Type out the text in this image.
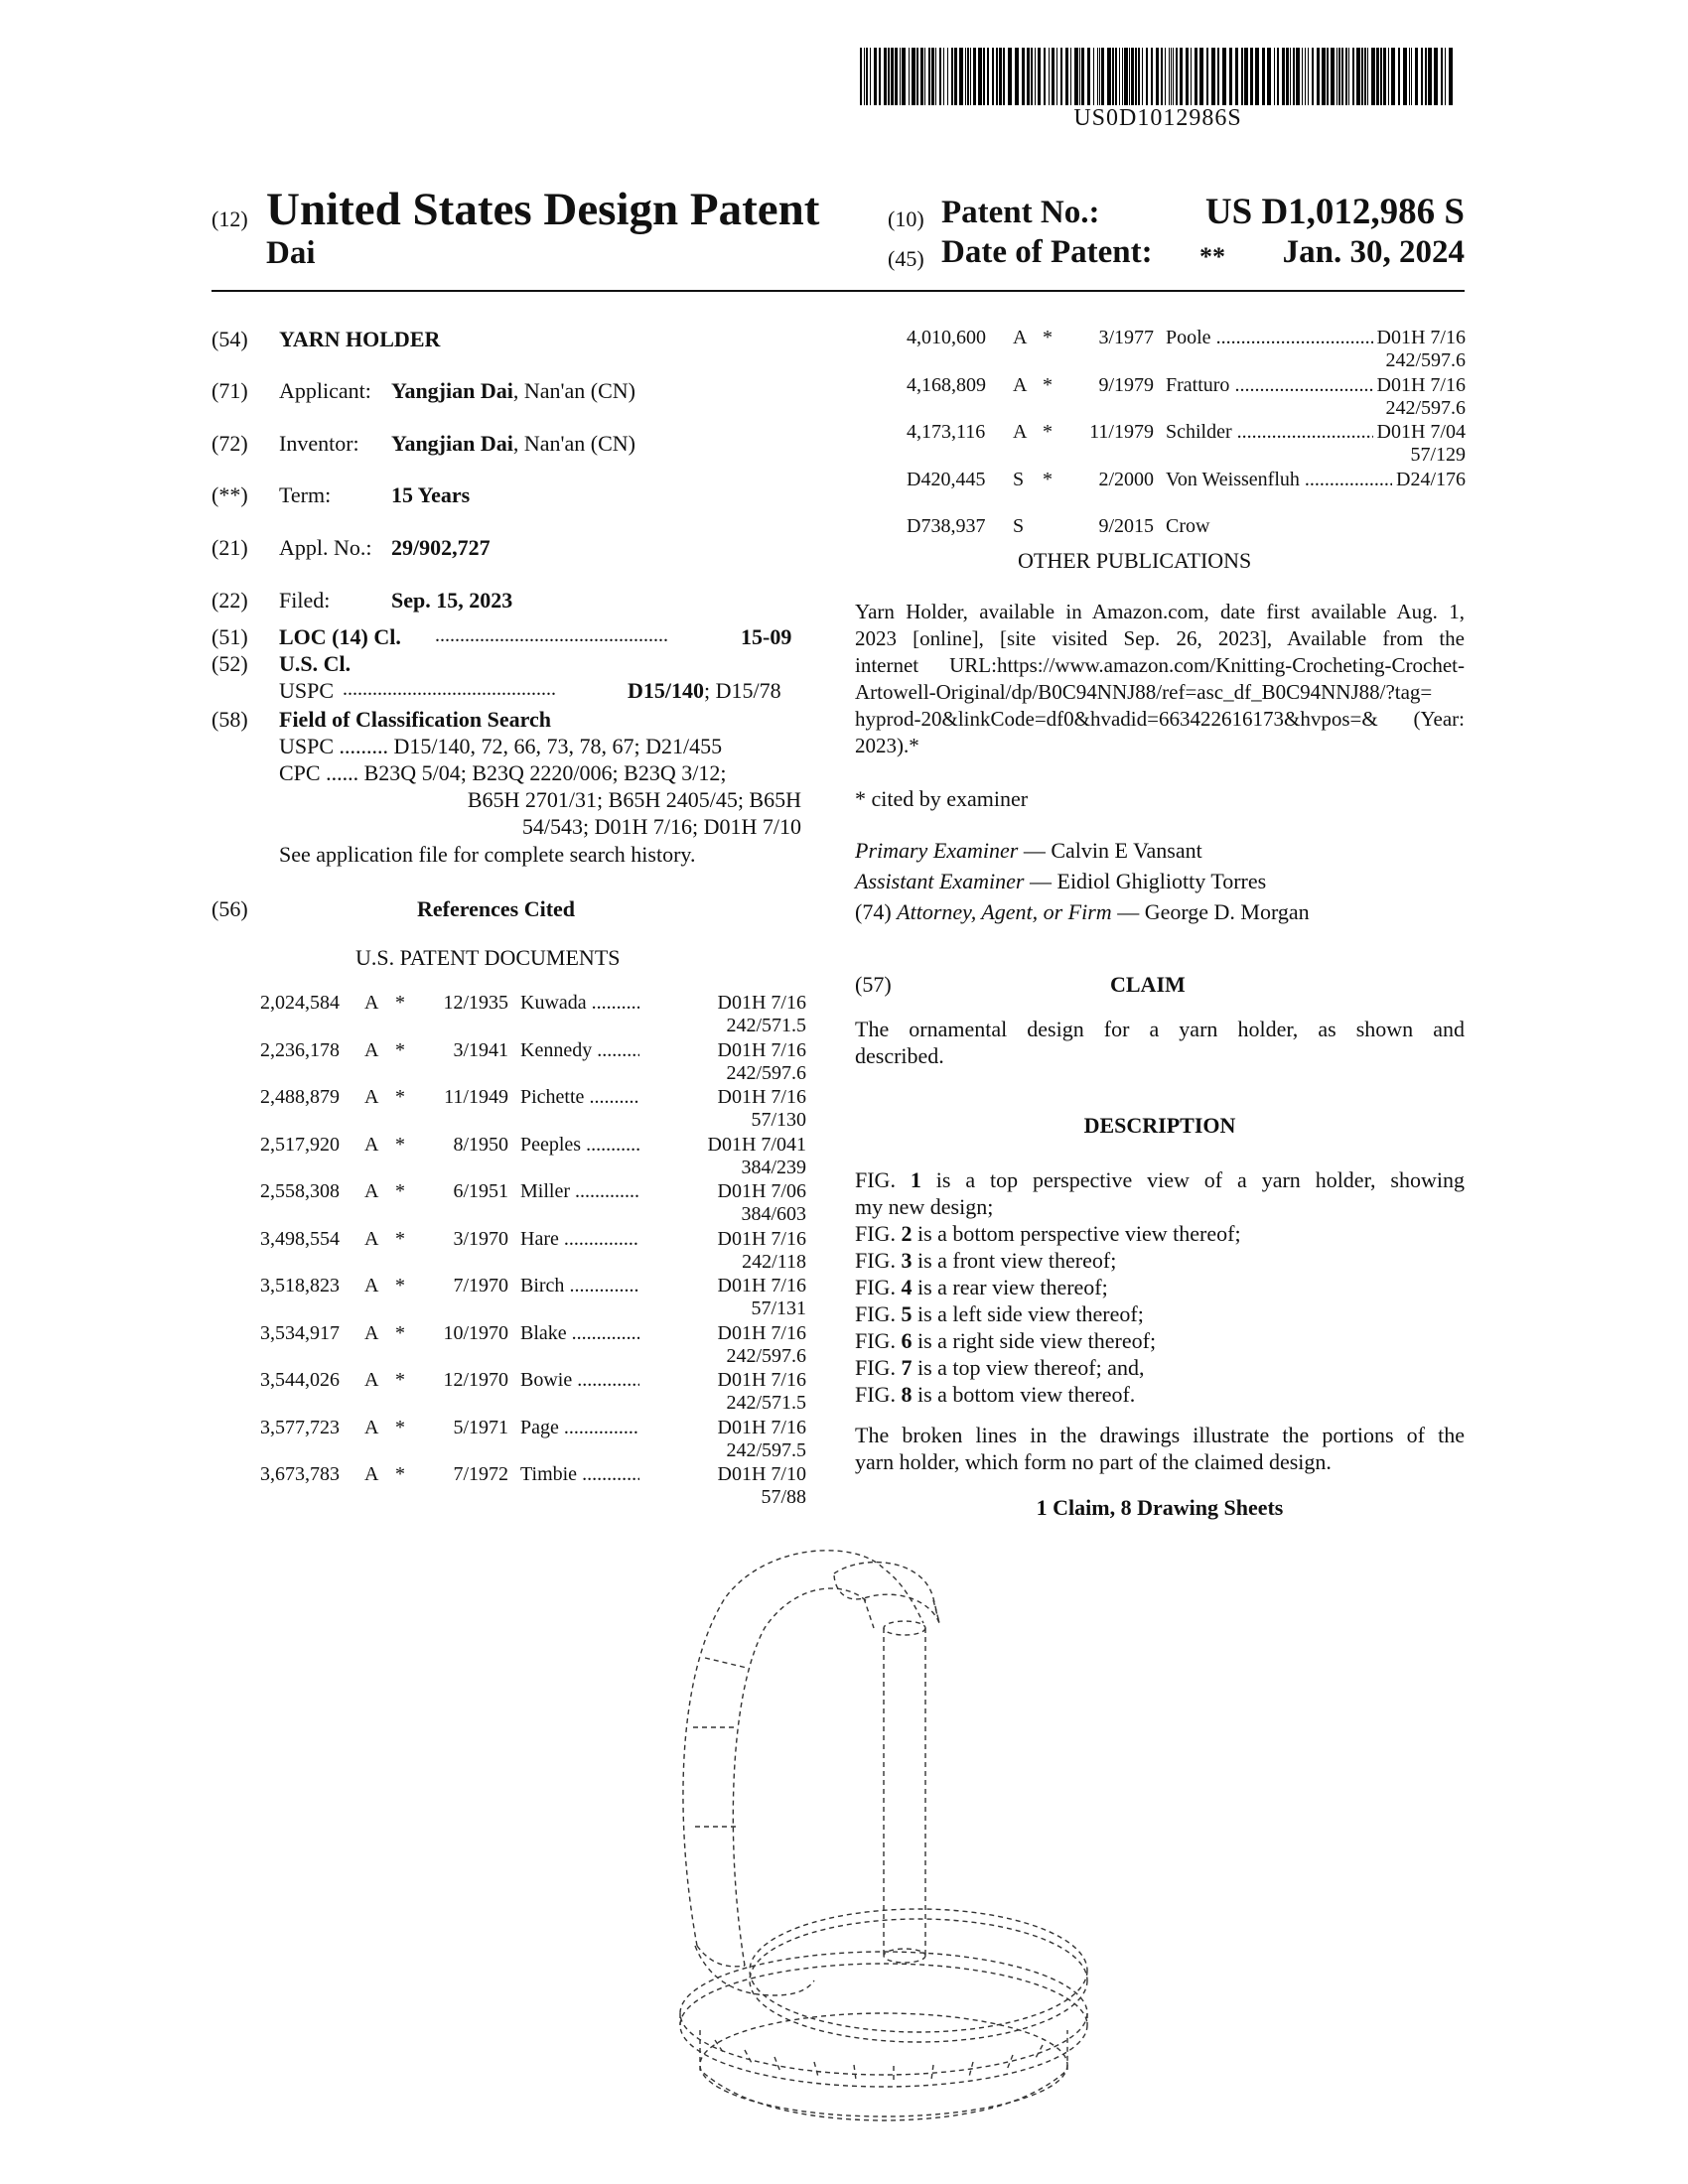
US0D1012986S
(12) United States Design Patent
Dai
(10) Patent No.:	US D1,012,986 S
(45) Date of Patent: ** Jan. 30, 2024
(54) YARN HOLDER
(71) Applicant: Yangjian Dai, Nan'an (CN)
(72) Inventor: Yangjian Dai, Nan'an (CN)
(**) Term:	15 Years
(21) Appl. No.: 29/902,727
(22) Filed:	Sep. 15, 2023
(51) LOC (14) Cl. ...............................................	15-09
(52) U.S. Cl.
USPC ...........................................	D15/140; D15/78
(58) Field of Classification Search
USPC ......... D15/140, 72, 66, 73, 78, 67; D21/455
CPC ...... B23Q 5/04; B23Q 2220/006; B23Q 3/12;
B65H 2701/31; B65H 2405/45; B65H
54/543; D01H 7/16; D01H 7/10
See application file for complete search history.
(56)	References Cited
U.S. PATENT DOCUMENTS
2,024,584 A *	12/1935 Kuwada .....	D01H 7/16
242/571.5
2,236,178 A *	3/1941 Kennedy .....	D01H 7/16
242/597.6
2,488,879 A *	11/1949 Pichette .....	D01H 7/16
57/130
2,517,920 A *	8/1950 Peeples .....	D01H 7/041
384/239
2,558,308 A *	6/1951 Miller .....	D01H 7/06
384/603
3,498,554 A *	3/1970 Hare .....	D01H 7/16
242/118
3,518,823 A *	7/1970 Birch .....	D01H 7/16
57/131
3,534,917 A *	10/1970 Blake .....	D01H 7/16
242/597.6
3,544,026 A *	12/1970 Bowie .....	D01H 7/16
242/571.5
3,577,723 A *	5/1971 Page .....	D01H 7/16
242/597.5
3,673,783 A *	7/1972 Timbie .....	D01H 7/10
57/88
4,010,600 A *	3/1977 Poole .....	D01H 7/16
242/597.6
4,168,809 A *	9/1979 Fratturo .....	D01H 7/16
242/597.6
4,173,116 A *	11/1979 Schilder .....	D01H 7/04
57/129
D420,445 S *	2/2000 Von Weissenfluh .....	D24/176
D738,937 S	9/2015 Crow
OTHER PUBLICATIONS
Yarn Holder, available in Amazon.com, date first available Aug. 1,
2023 [online], [site visited Sep. 26, 2023], Available from the
internet URL:https://www.amazon.com/Knitting-Crocheting-Crochet-
Artowell-Original/dp/B0C94NNJ88/ref=asc_df_B0C94NNJ88/?tag=
hyprod-20&linkCode=df0&hvadid=663422616173&hvpos=& (Year:
2023).*
* cited by examiner
Primary Examiner — Calvin E Vansant
Assistant Examiner — Eidiol Ghigliotty Torres
(74) Attorney, Agent, or Firm — George D. Morgan
(57)	CLAIM
The ornamental design for a yarn holder, as shown and
described.
DESCRIPTION
FIG. 1 is a top perspective view of a yarn holder, showing
my new design;
FIG. 2 is a bottom perspective view thereof;
FIG. 3 is a front view thereof;
FIG. 4 is a rear view thereof;
FIG. 5 is a left side view thereof;
FIG. 6 is a right side view thereof;
FIG. 7 is a top view thereof; and,
FIG. 8 is a bottom view thereof.
The broken lines in the drawings illustrate the portions of the
yarn holder, which form no part of the claimed design.
1 Claim, 8 Drawing Sheets
